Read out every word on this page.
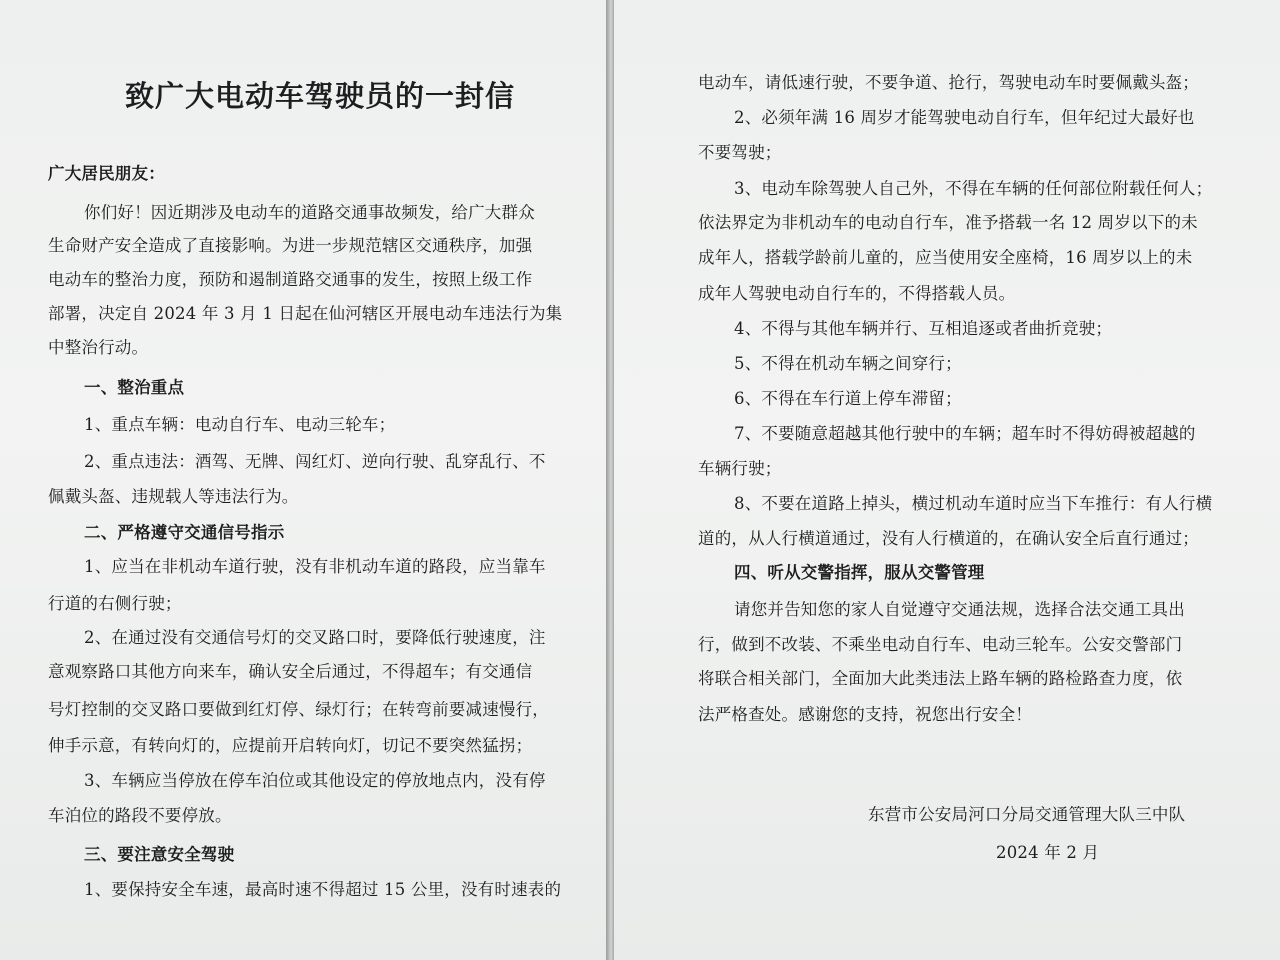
致广大电动车驾驶员的一封信
广大居民朋友：
你们好！因近期涉及电动车的道路交通事故频发，给广大群众
生命财产安全造成了直接影响。为进一步规范辖区交通秩序，加强
电动车的整治力度，预防和遏制道路交通事的发生，按照上级工作
部署，决定自 2024 年 3 月 1 日起在仙河辖区开展电动车违法行为集
中整治行动。
一、整治重点
1、重点车辆：电动自行车、电动三轮车；
2、重点违法：酒驾、无牌、闯红灯、逆向行驶、乱穿乱行、不
佩戴头盔、违规载人等违法行为。
二、严格遵守交通信号指示
1、应当在非机动车道行驶，没有非机动车道的路段，应当靠车
行道的右侧行驶；
2、在通过没有交通信号灯的交叉路口时，要降低行驶速度，注
意观察路口其他方向来车，确认安全后通过，不得超车；有交通信
号灯控制的交叉路口要做到红灯停、绿灯行；在转弯前要减速慢行，
伸手示意，有转向灯的，应提前开启转向灯，切记不要突然猛拐；
3、车辆应当停放在停车泊位或其他设定的停放地点内，没有停
车泊位的路段不要停放。
三、要注意安全驾驶
1、要保持安全车速，最高时速不得超过 15 公里，没有时速表的
电动车，请低速行驶，不要争道、抢行，驾驶电动车时要佩戴头盔；
2、必须年满 16 周岁才能驾驶电动自行车，但年纪过大最好也
不要驾驶；
3、电动车除驾驶人自己外，不得在车辆的任何部位附载任何人；
依法界定为非机动车的电动自行车，准予搭载一名 12 周岁以下的未
成年人，搭载学龄前儿童的，应当使用安全座椅，16 周岁以上的未
成年人驾驶电动自行车的，不得搭载人员。
4、不得与其他车辆并行、互相追逐或者曲折竞驶；
5、不得在机动车辆之间穿行；
6、不得在车行道上停车滞留；
7、不要随意超越其他行驶中的车辆；超车时不得妨碍被超越的
车辆行驶；
8、不要在道路上掉头，横过机动车道时应当下车推行：有人行横
道的，从人行横道通过，没有人行横道的，在确认安全后直行通过；
四、听从交警指挥，服从交警管理
请您并告知您的家人自觉遵守交通法规，选择合法交通工具出
行，做到不改装、不乘坐电动自行车、电动三轮车。公安交警部门
将联合相关部门，全面加大此类违法上路车辆的路检路查力度，依
法严格查处。感谢您的支持，祝您出行安全！
东营市公安局河口分局交通管理大队三中队
2024 年 2 月
